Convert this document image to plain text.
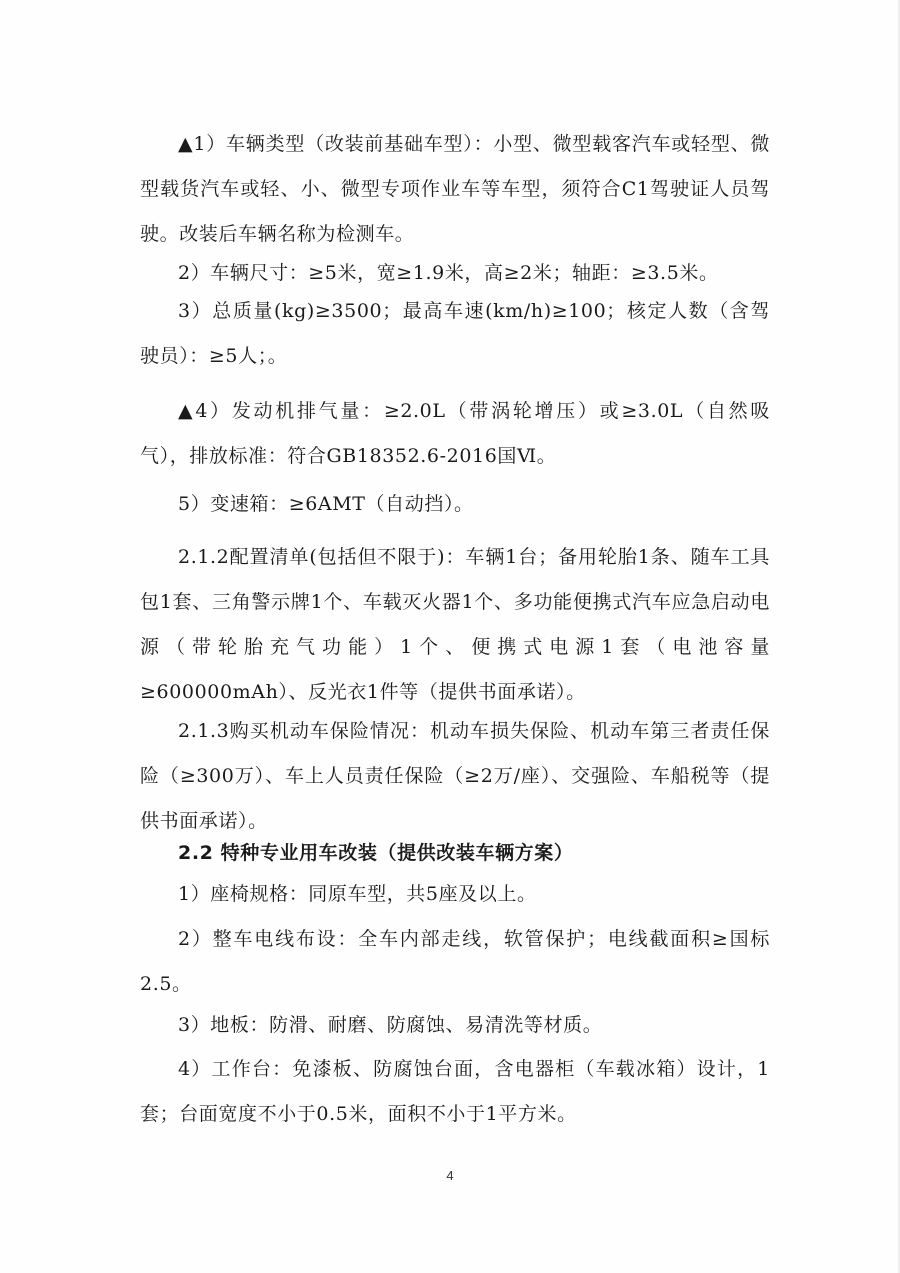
▲1）车辆类型（改装前基础车型）：小型、微型载客汽车或轻型、微型载货汽车或轻、小、微型专项作业车等车型，须符合C1驾驶证人员驾驶。改装后车辆名称为检测车。

2）车辆尺寸：≥5米，宽≥1.9米，高≥2米；轴距：≥3.5米。

3）总质量(kg)≥3500；最高车速(km/h)≥100；核定人数（含驾驶员）：≥5人；。

▲4）发动机排气量：≥2.0L（带涡轮增压）或≥3.0L（自然吸气），排放标准：符合GB18352.6-2016国Ⅵ。

5）变速箱：≥6AMT（自动挡）。

2.1.2配置清单(包括但不限于)：车辆1台；备用轮胎1条、随车工具包1套、三角警示牌1个、车载灭火器1个、多功能便携式汽车应急启动电源（带轮胎充气功能）1个、便携式电源1套（电池容量≥600000mAh）、反光衣1件等（提供书面承诺）。

2.1.3购买机动车保险情况：机动车损失保险、机动车第三者责任保险（≥300万）、车上人员责任保险（≥2万/座）、交强险、车船税等（提供书面承诺）。

2.2 特种专业用车改装（提供改装车辆方案）

1）座椅规格：同原车型，共5座及以上。

2）整车电线布设：全车内部走线，软管保护；电线截面积≥国标2.5。

3）地板：防滑、耐磨、防腐蚀、易清洗等材质。

4）工作台：免漆板、防腐蚀台面，含电器柜（车载冰箱）设计，1套；台面宽度不小于0.5米，面积不小于1平方米。

4
